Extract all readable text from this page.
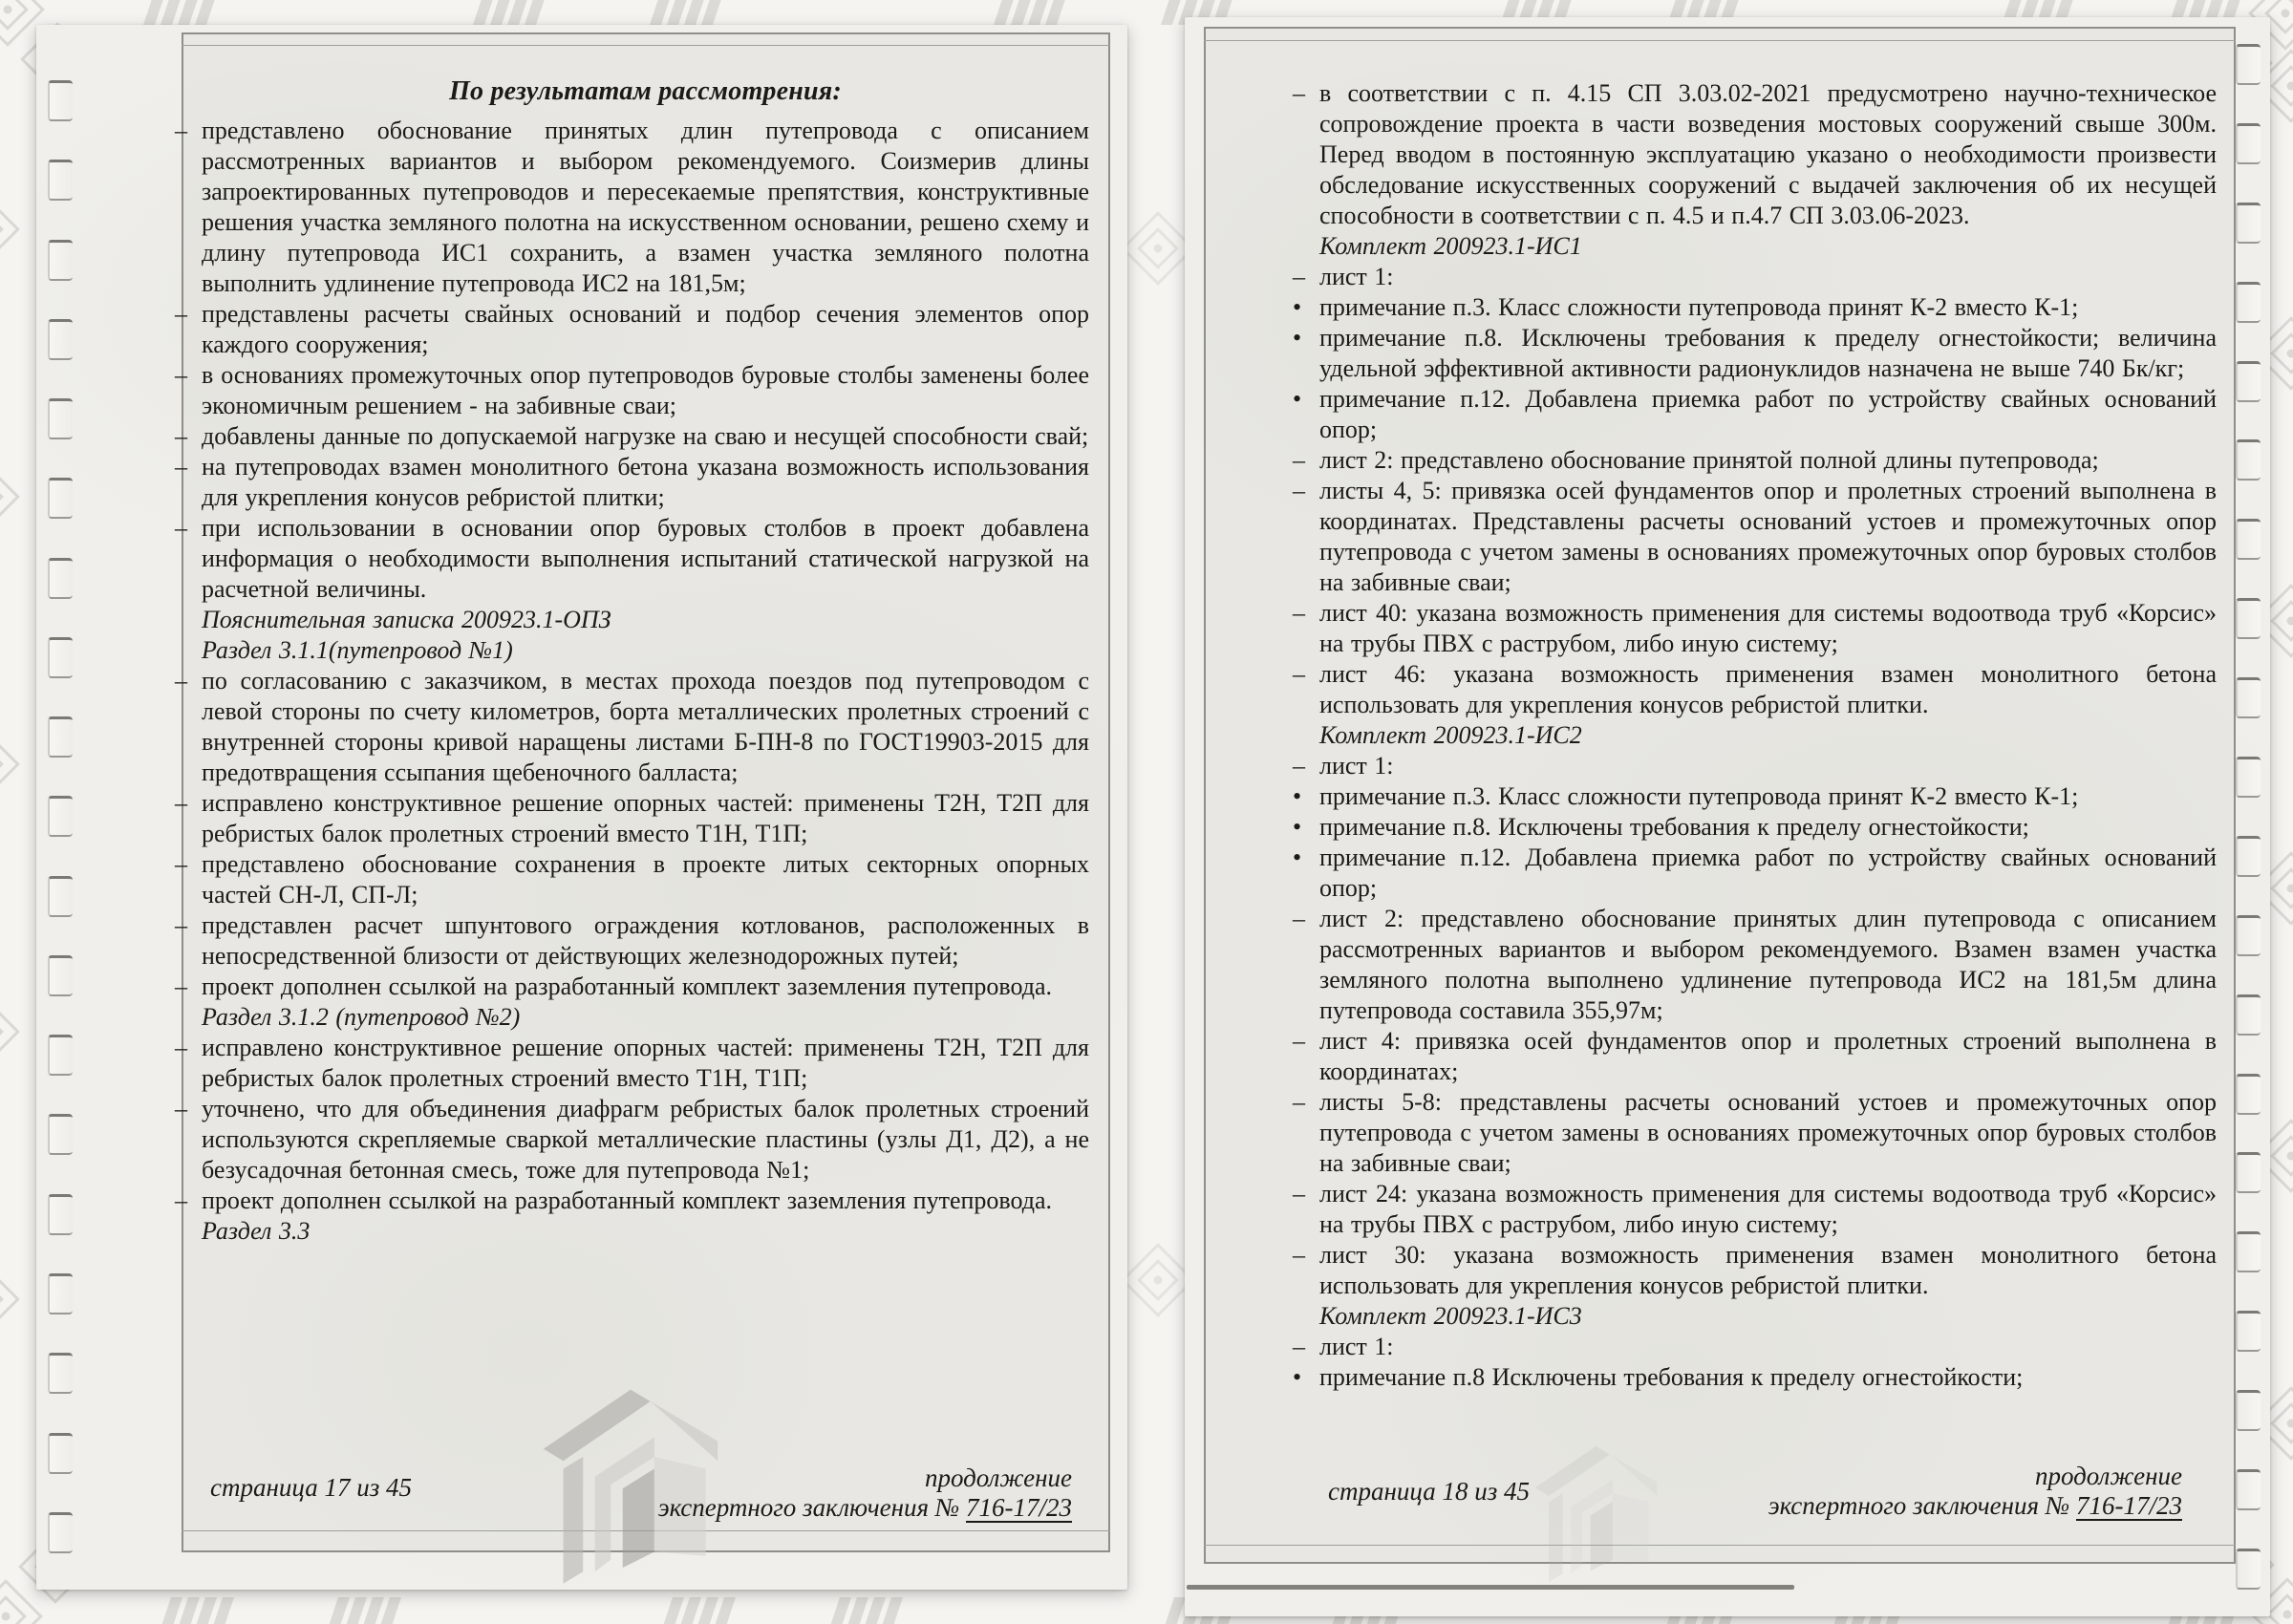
По результатам рассмотрения:
– представлено обоснование принятых длин путепровода с описанием рассмотренных вариантов и выбором рекомендуемого. Соизмерив длины запроектированных путепроводов и пересекаемые препятствия, конструктивные решения участка земляного полотна на искусственном основании, решено схему и длину путепровода ИС1 сохранить, а взамен участка земляного полотна выполнить удлинение путепровода ИС2 на 181,5м;
– представлены расчеты свайных оснований и подбор сечения элементов опор каждого сооружения;
– в основаниях промежуточных опор путепроводов буровые столбы заменены более экономичным решением - на забивные сваи;
– добавлены данные по допускаемой нагрузке на сваю и несущей способности свай;
– на путепроводах взамен монолитного бетона указана возможность использования для укрепления конусов ребристой плитки;
– при использовании в основании опор буровых столбов в проект добавлена информация о необходимости выполнения испытаний статической нагрузкой на расчетной величины.
Пояснительная записка 200923.1-ОПЗ
Раздел 3.1.1(путепровод №1)
– по согласованию с заказчиком, в местах прохода поездов под путепроводом с левой стороны по счету километров, борта металлических пролетных строений с внутренней стороны кривой наращены листами Б-ПН-8 по ГОСТ19903-2015 для предотвращения ссыпания щебеночного балласта;
– исправлено конструктивное решение опорных частей: применены Т2Н, Т2П для ребристых балок пролетных строений вместо Т1Н, Т1П;
– представлено обоснование сохранения в проекте литых секторных опорных частей СН-Л, СП-Л;
– представлен расчет шпунтового ограждения котлованов, расположенных в непосредственной близости от действующих железнодорожных путей;
– проект дополнен ссылкой на разработанный комплект заземления путепровода.
Раздел 3.1.2 (путепровод №2)
– исправлено конструктивное решение опорных частей: применены Т2Н, Т2П для ребристых балок пролетных строений вместо Т1Н, Т1П;
– уточнено, что для объединения диафрагм ребристых балок пролетных строений используются скрепляемые сваркой металлические пластины (узлы Д1, Д2), а не безусадочная бетонная смесь, тоже для путепровода №1;
– проект дополнен ссылкой на разработанный комплект заземления путепровода.
Раздел 3.3
страница 17 из 45	продолжение
экспертного заключения № 716-17/23
– в соответствии с п. 4.15 СП 3.03.02-2021 предусмотрено научно-техническое сопровождение проекта в части возведения мостовых сооружений свыше 300м. Перед вводом в постоянную эксплуатацию указано о необходимости произвести обследование искусственных сооружений с выдачей заключения об их несущей способности в соответствии с п. 4.5 и п.4.7 СП 3.03.06-2023.
Комплект 200923.1-ИС1
– лист 1:
• примечание п.3. Класс сложности путепровода принят К-2 вместо К-1;
• примечание п.8. Исключены требования к пределу огнестойкости; величина удельной эффективной активности радионуклидов назначена не выше 740 Бк/кг;
• примечание п.12. Добавлена приемка работ по устройству свайных оснований опор;
– лист 2: представлено обоснование принятой полной длины путепровода;
– листы 4, 5: привязка осей фундаментов опор и пролетных строений выполнена в координатах. Представлены расчеты оснований устоев и промежуточных опор путепровода с учетом замены в основаниях промежуточных опор буровых столбов на забивные сваи;
– лист 40: указана возможность применения для системы водоотвода труб «Корсис» на трубы ПВХ с раструбом, либо иную систему;
– лист 46: указана возможность применения взамен монолитного бетона использовать для укрепления конусов ребристой плитки.
Комплект 200923.1-ИС2
– лист 1:
• примечание п.3. Класс сложности путепровода принят К-2 вместо К-1;
• примечание п.8. Исключены требования к пределу огнестойкости;
• примечание п.12. Добавлена приемка работ по устройству свайных оснований опор;
– лист 2: представлено обоснование принятых длин путепровода с описанием рассмотренных вариантов и выбором рекомендуемого. Взамен взамен участка земляного полотна выполнено удлинение путепровода ИС2 на 181,5м длина путепровода составила 355,97м;
– лист 4: привязка осей фундаментов опор и пролетных строений выполнена в координатах;
– листы 5-8: представлены расчеты оснований устоев и промежуточных опор путепровода с учетом замены в основаниях промежуточных опор буровых столбов на забивные сваи;
– лист 24: указана возможность применения для системы водоотвода труб «Корсис» на трубы ПВХ с раструбом, либо иную систему;
– лист 30: указана возможность применения взамен монолитного бетона использовать для укрепления конусов ребристой плитки.
Комплект 200923.1-ИС3
– лист 1:
• примечание п.8 Исключены требования к пределу огнестойкости;
страница 18 из 45
продолжение
экспертного заключения № 716-17/23
